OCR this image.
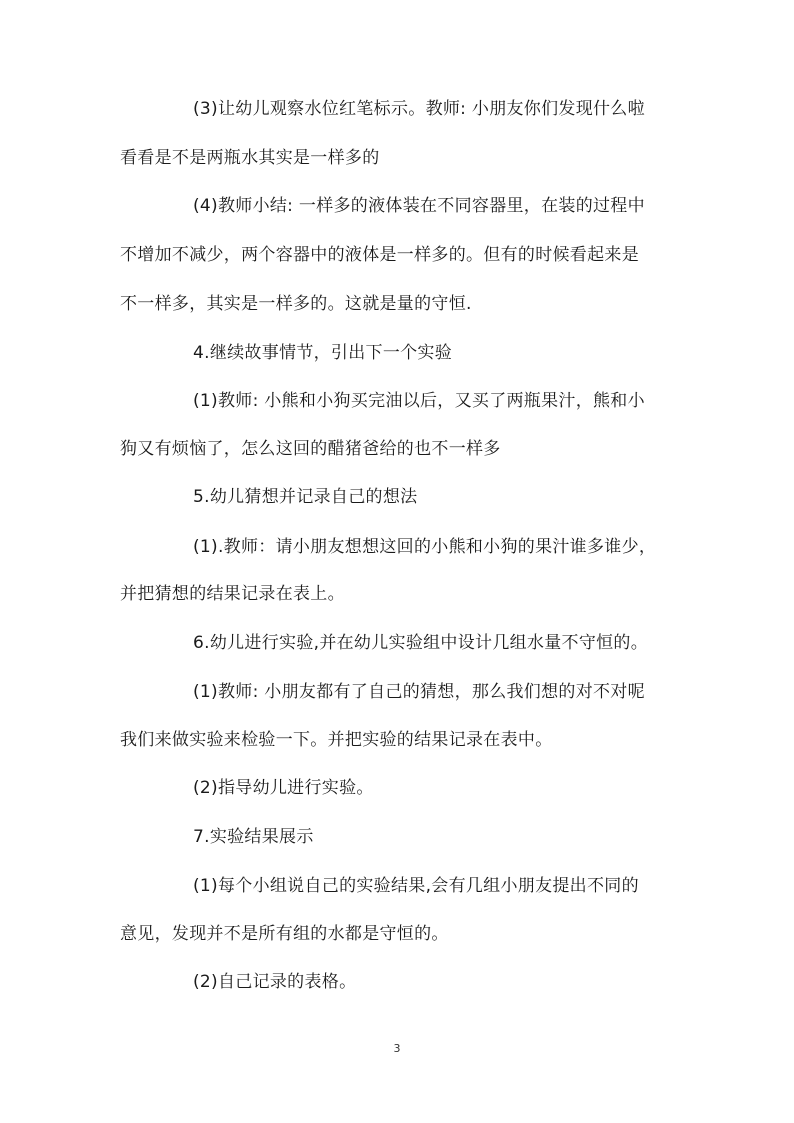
(3)让幼儿观察水位红笔标示。教师: 小朋友你们发现什么啦
看看是不是两瓶水其实是一样多的
(4)教师小结: 一样多的液体装在不同容器里，在装的过程中
不增加不减少，两个容器中的液体是一样多的。但有的时候看起来是
不一样多，其实是一样多的。这就是量的守恒.
4.继续故事情节，引出下一个实验
(1)教师: 小熊和小狗买完油以后，又买了两瓶果汁，熊和小
狗又有烦恼了，怎么这回的醋猪爸给的也不一样多
5.幼儿猜想并记录自己的想法
(1).教师：请小朋友想想这回的小熊和小狗的果汁谁多谁少，
并把猜想的结果记录在表上。
6.幼儿进行实验,并在幼儿实验组中设计几组水量不守恒的。
(1)教师: 小朋友都有了自己的猜想，那么我们想的对不对呢
我们来做实验来检验一下。并把实验的结果记录在表中。
(2)指导幼儿进行实验。
7.实验结果展示
(1)每个小组说自己的实验结果,会有几组小朋友提出不同的
意见，发现并不是所有组的水都是守恒的。
(2)自己记录的表格。
3
